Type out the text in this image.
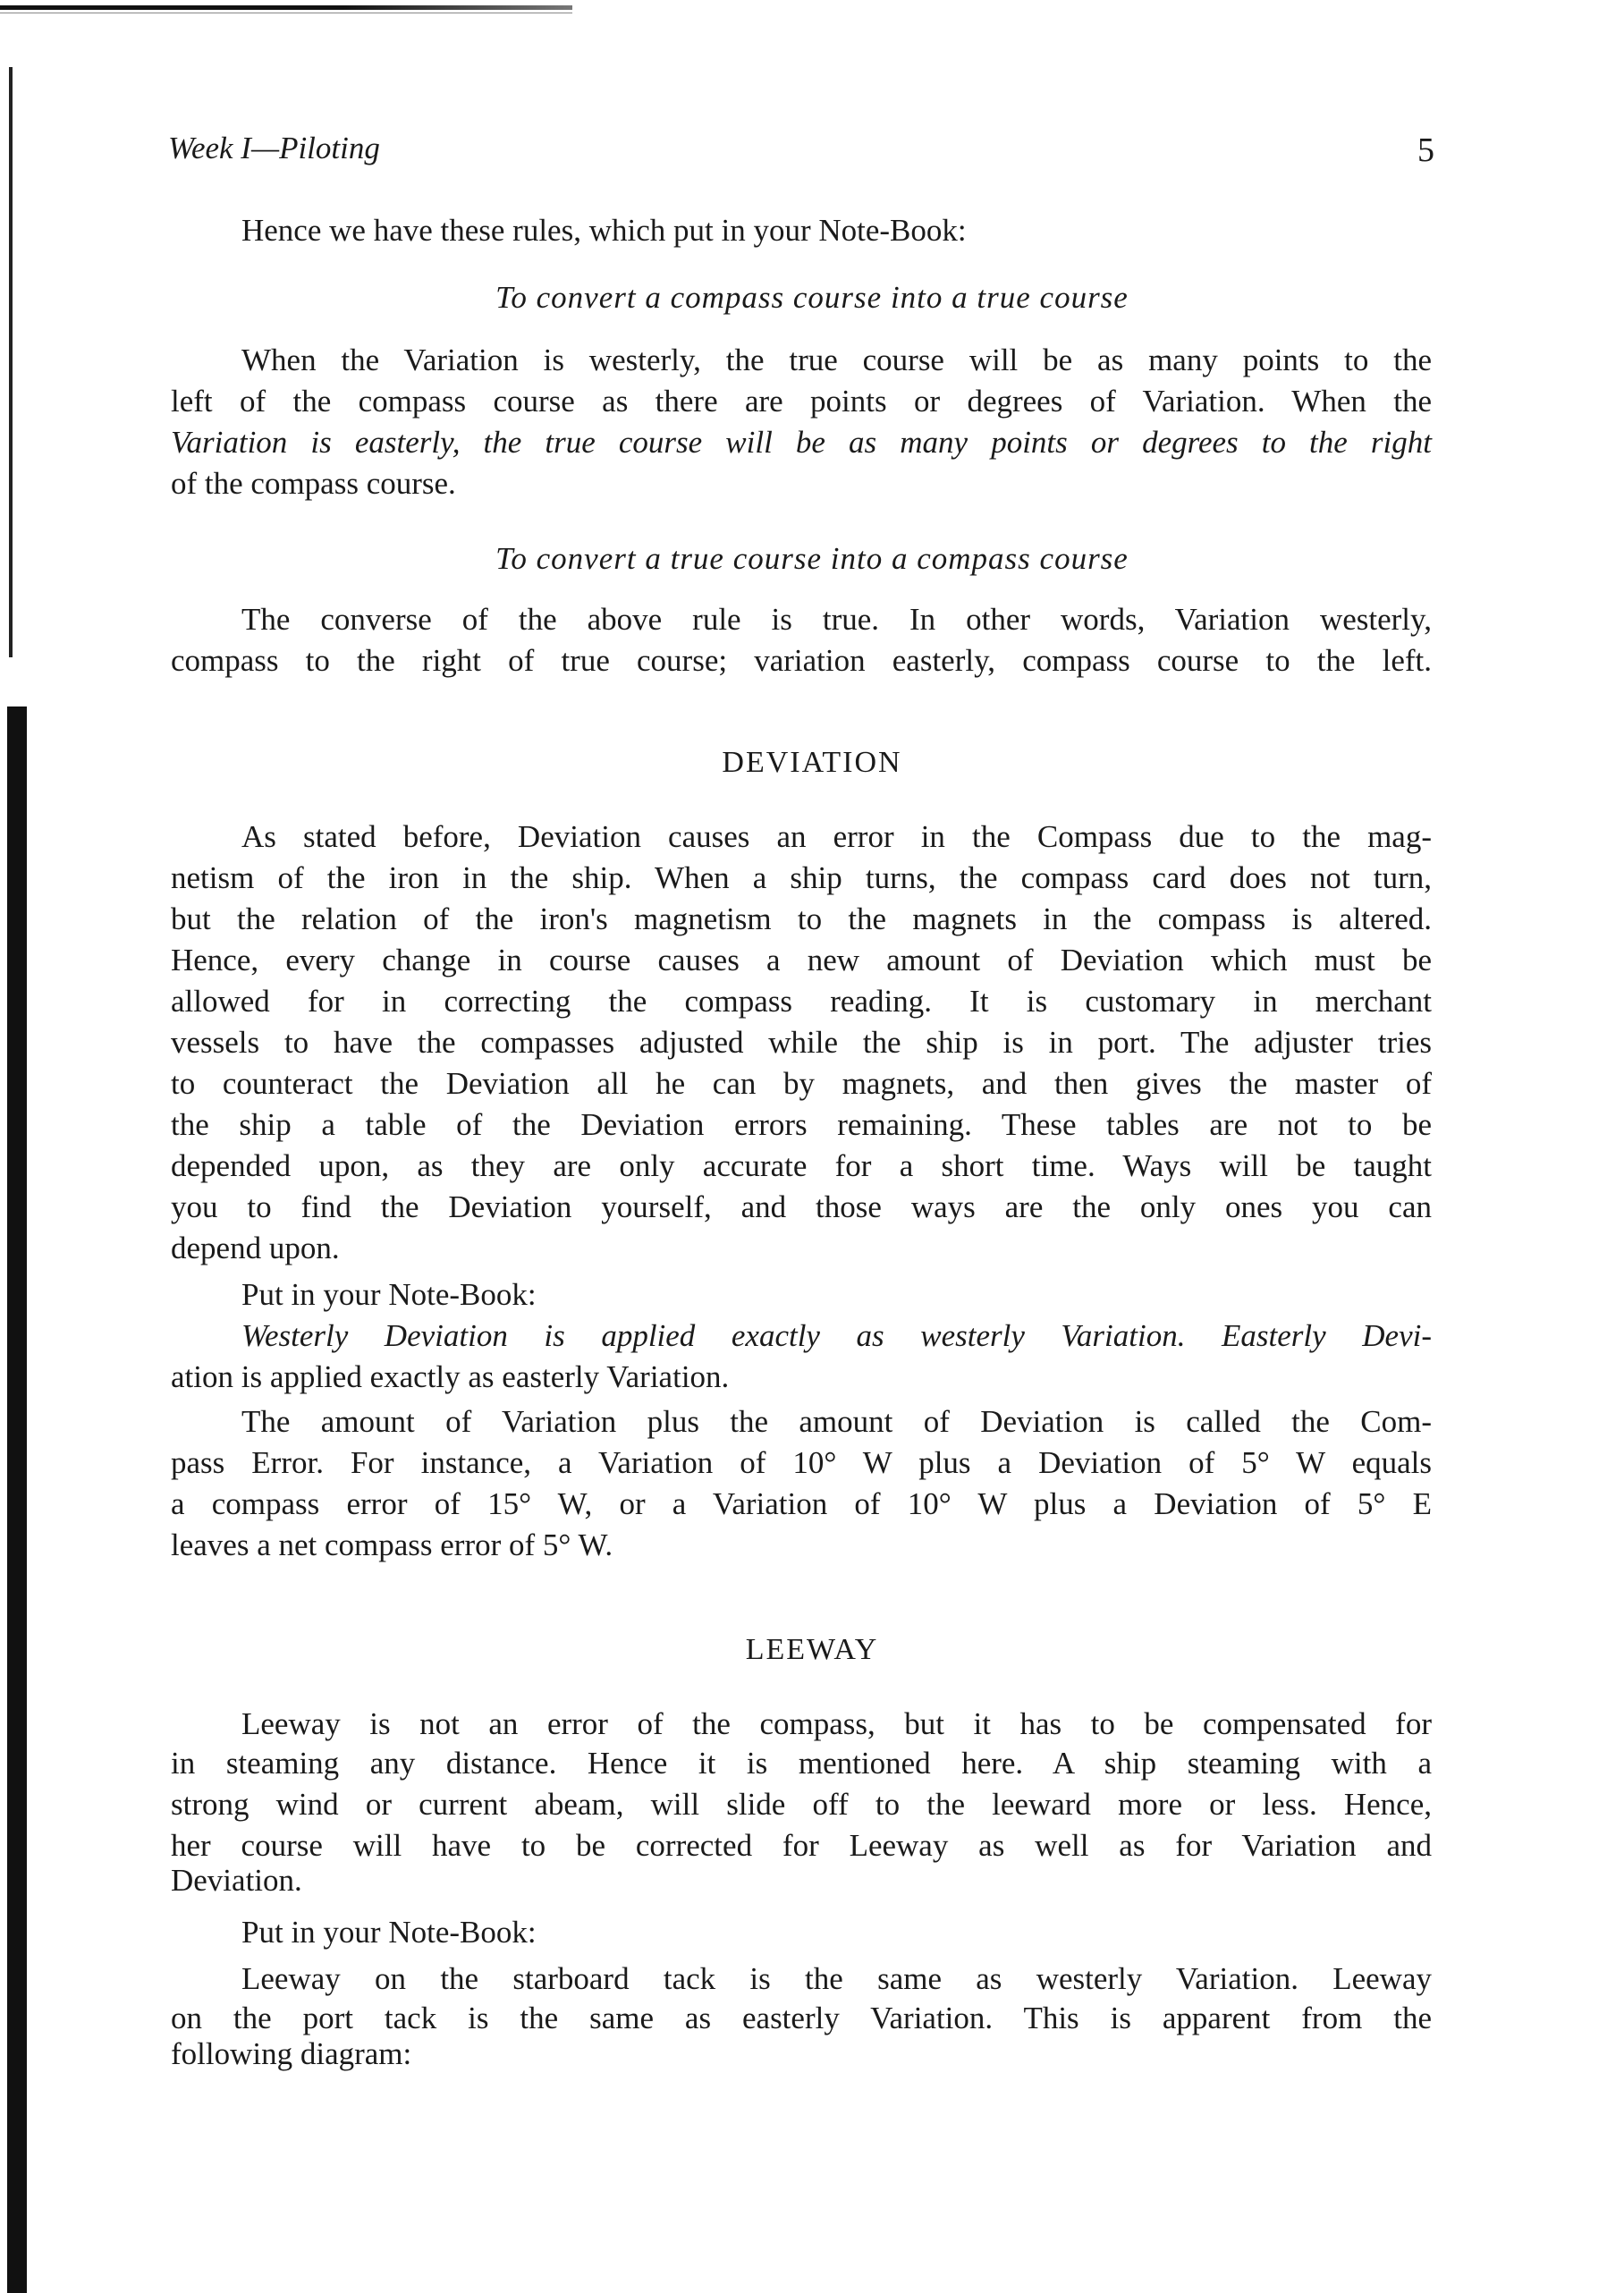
Week I—Piloting	5
Hence we have these rules, which put in your Note-Book:
To convert a compass course into a true course
When the Variation is westerly, the true course will be as many points to the
left of the compass course as there are points or degrees of Variation. When the
Variation is easterly, the true course will be as many points or degrees to the right
of the compass course.
To convert a true course into a compass course
The converse of the above rule is true. In other words, Variation westerly,
compass to the right of true course; variation easterly, compass course to the left.
DEVIATION
As stated before, Deviation causes an error in the Compass due to the mag-
netism of the iron in the ship. When a ship turns, the compass card does not turn,
but the relation of the iron's magnetism to the magnets in the compass is altered.
Hence, every change in course causes a new amount of Deviation which must be
allowed for in correcting the compass reading. It is customary in merchant
vessels to have the compasses adjusted while the ship is in port. The adjuster tries
to counteract the Deviation all he can by magnets, and then gives the master of
the ship a table of the Deviation errors remaining. These tables are not to be
depended upon, as they are only accurate for a short time. Ways will be taught
you to find the Deviation yourself, and those ways are the only ones you can
depend upon.
Put in your Note-Book:
Westerly Deviation is applied exactly as westerly Variation. Easterly Devi-
ation is applied exactly as easterly Variation.
The amount of Variation plus the amount of Deviation is called the Com-
pass Error. For instance, a Variation of 10° W plus a Deviation of 5° W equals
a compass error of 15° W, or a Variation of 10° W plus a Deviation of 5° E
leaves a net compass error of 5° W.
LEEWAY
Leeway is not an error of the compass, but it has to be compensated for
in steaming any distance. Hence it is mentioned here. A ship steaming with a
strong wind or current abeam, will slide off to the leeward more or less. Hence,
her course will have to be corrected for Leeway as well as for Variation and
Deviation.
Put in your Note-Book:
Leeway on the starboard tack is the same as westerly Variation. Leeway
on the port tack is the same as easterly Variation. This is apparent from the
following diagram:
